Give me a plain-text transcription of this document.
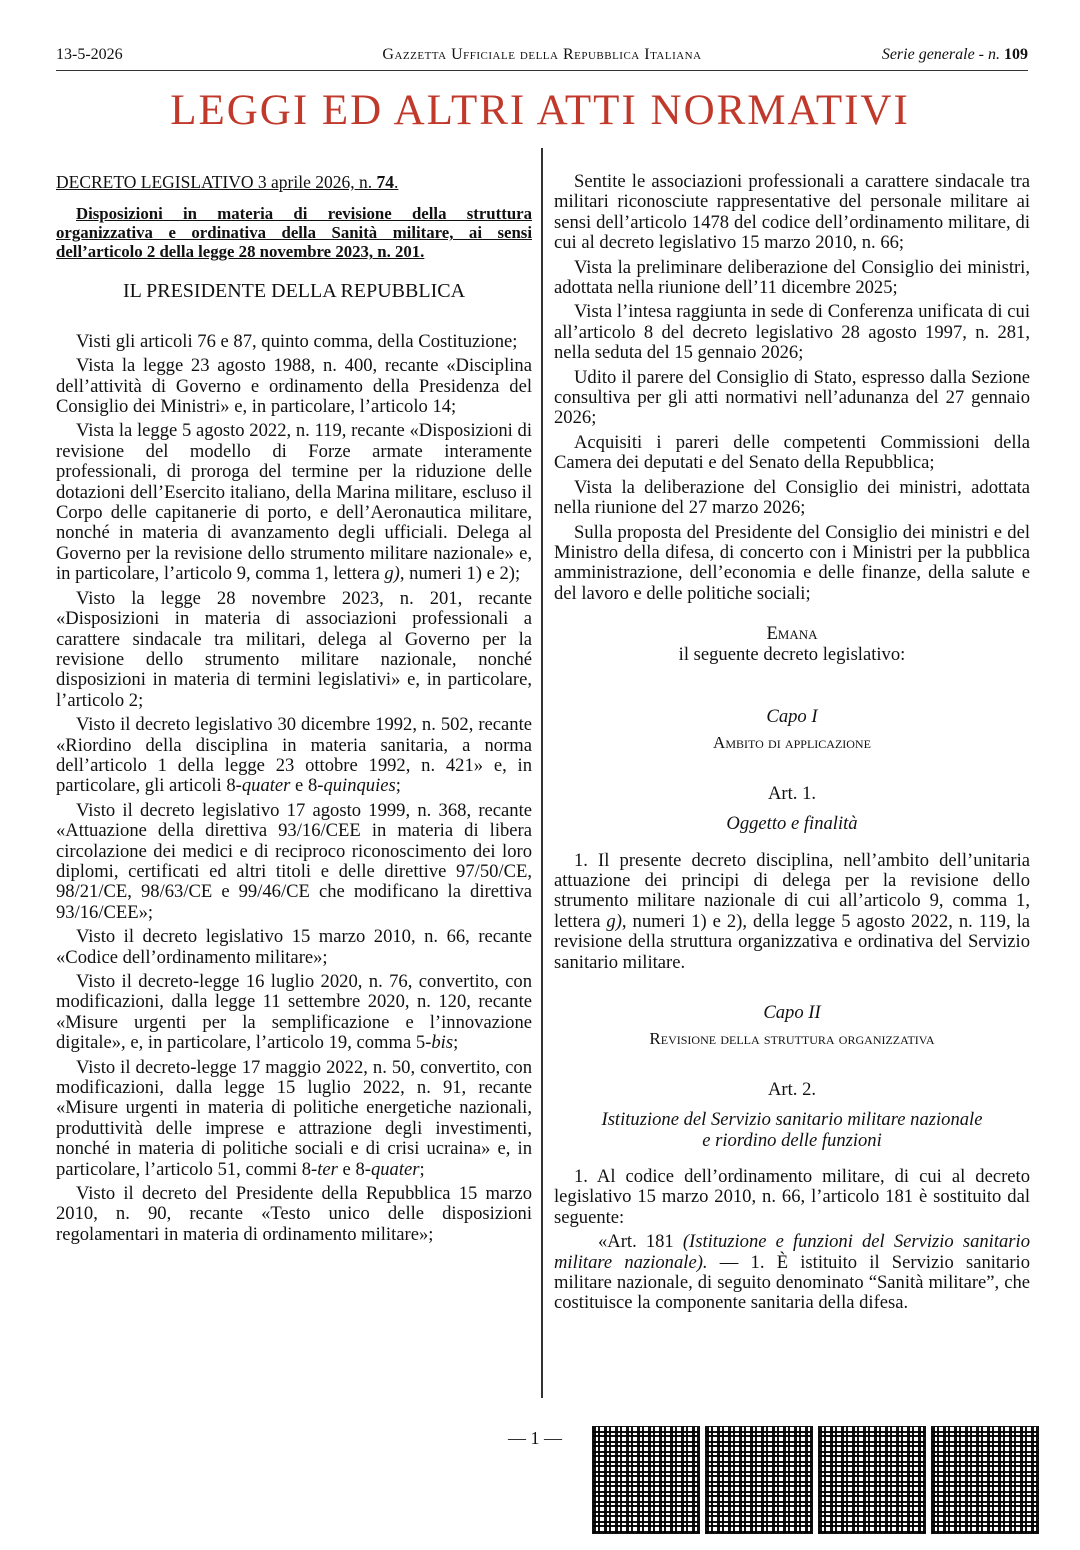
13-5-2026	Gazzetta Ufficiale della Repubblica Italiana	Serie generale - n. 109
LEGGI ED ALTRI ATTI NORMATIVI
DECRETO LEGISLATIVO 3 aprile 2026, n. 74.
Disposizioni in materia di revisione della struttura organizzativa e ordinativa della Sanità militare, ai sensi dell’articolo 2 della legge 28 novembre 2023, n. 201.
IL PRESIDENTE DELLA REPUBBLICA

Visti gli articoli 76 e 87, quinto comma, della Costituzione;

Vista la legge 23 agosto 1988, n. 400, recante «Disciplina dell’attività di Governo e ordinamento della Presidenza del Consiglio dei Ministri» e, in particolare, l’articolo 14;

Vista la legge 5 agosto 2022, n. 119, recante «Disposizioni di revisione del modello di Forze armate interamente professionali, di proroga del termine per la riduzione delle dotazioni dell’Esercito italiano, della Marina militare, escluso il Corpo delle capitanerie di porto, e dell’Aeronautica militare, nonché in materia di avanzamento degli ufficiali. Delega al Governo per la revisione dello strumento militare nazionale» e, in particolare, l’articolo 9, comma 1, lettera g), numeri 1) e 2);

Visto la legge 28 novembre 2023, n. 201, recante «Disposizioni in materia di associazioni professionali a carattere sindacale tra militari, delega al Governo per la revisione dello strumento militare nazionale, nonché disposizioni in materia di termini legislativi» e, in particolare, l’articolo 2;

Visto il decreto legislativo 30 dicembre 1992, n. 502, recante «Riordino della disciplina in materia sanitaria, a norma dell’articolo 1 della legge 23 ottobre 1992, n. 421» e, in particolare, gli articoli 8-quater e 8-quinquies;

Visto il decreto legislativo 17 agosto 1999, n. 368, recante «Attuazione della direttiva 93/16/CEE in materia di libera circolazione dei medici e di reciproco riconoscimento dei loro diplomi, certificati ed altri titoli e delle direttive 97/50/CE, 98/21/CE, 98/63/CE e 99/46/CE che modificano la direttiva 93/16/CEE»;

Visto il decreto legislativo 15 marzo 2010, n. 66, recante «Codice dell’ordinamento militare»;

Visto il decreto-legge 16 luglio 2020, n. 76, convertito, con modificazioni, dalla legge 11 settembre 2020, n. 120, recante «Misure urgenti per la semplificazione e l’innovazione digitale», e, in particolare, l’articolo 19, comma 5-bis;

Visto il decreto-legge 17 maggio 2022, n. 50, convertito, con modificazioni, dalla legge 15 luglio 2022, n. 91, recante «Misure urgenti in materia di politiche energetiche nazionali, produttività delle imprese e attrazione degli investimenti, nonché in materia di politiche sociali e di crisi ucraina» e, in particolare, l’articolo 51, commi 8-ter e 8-quater;

Visto il decreto del Presidente della Repubblica 15 marzo 2010, n. 90, recante «Testo unico delle disposizioni regolamentari in materia di ordinamento militare»;

Sentite le associazioni professionali a carattere sindacale tra militari riconosciute rappresentative del personale militare ai sensi dell’articolo 1478 del codice dell’ordinamento militare, di cui al decreto legislativo 15 marzo 2010, n. 66;

Vista la preliminare deliberazione del Consiglio dei ministri, adottata nella riunione dell’11 dicembre 2025;

Vista l’intesa raggiunta in sede di Conferenza unificata di cui all’articolo 8 del decreto legislativo 28 agosto 1997, n. 281, nella seduta del 15 gennaio 2026;

Udito il parere del Consiglio di Stato, espresso dalla Sezione consultiva per gli atti normativi nell’adunanza del 27 gennaio 2026;

Acquisiti i pareri delle competenti Commissioni della Camera dei deputati e del Senato della Repubblica;

Vista la deliberazione del Consiglio dei ministri, adottata nella riunione del 27 marzo 2026;

Sulla proposta del Presidente del Consiglio dei ministri e del Ministro della difesa, di concerto con i Ministri per la pubblica amministrazione, dell’economia e delle finanze, della salute e del lavoro e delle politiche sociali;

Emana
il seguente decreto legislativo:
Capo I
Ambito di applicazione
Art. 1.
Oggetto e finalità

1. Il presente decreto disciplina, nell’ambito dell’unitaria attuazione dei principi di delega per la revisione dello strumento militare nazionale di cui all’articolo 9, comma 1, lettera g), numeri 1) e 2), della legge 5 agosto 2022, n. 119, la revisione della struttura organizzativa e ordinativa del Servizio sanitario militare.

Capo II
Revisione della struttura organizzativa
Art. 2.
Istituzione del Servizio sanitario militare nazionale
e riordino delle funzioni

1. Al codice dell’ordinamento militare, di cui al decreto legislativo 15 marzo 2010, n. 66, l’articolo 181 è sostituito dal seguente:

«Art. 181 (Istituzione e funzioni del Servizio sanitario militare nazionale). — 1. È istituito il Servizio sanitario militare nazionale, di seguito denominato “Sanità militare”, che costituisce la componente sanitaria della difesa.

— 1 —
